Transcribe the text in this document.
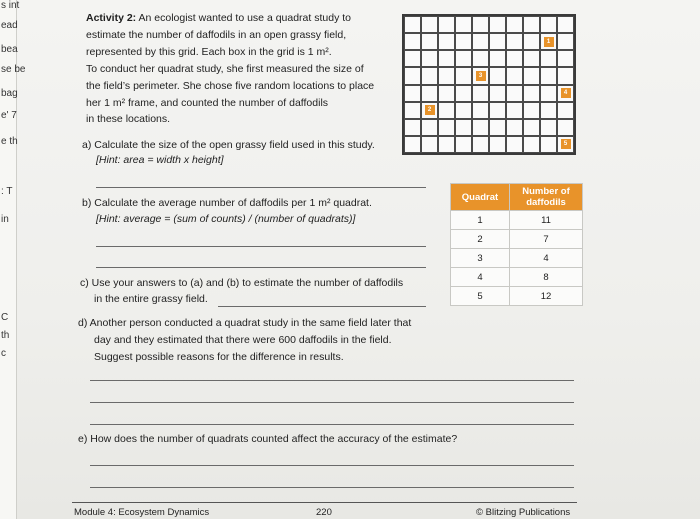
s int
ead
bea
se be
bag
e' 7
e th
: T
in
C
th
c
Activity 2: An ecologist wanted to use a quadrat study to
estimate the number of daffodils in an open grassy field,
represented by this grid. Each box in the grid is 1 m².
To conduct her quadrat study, she first measured the size of
the field’s perimeter. She chose five random locations to place
her 1 m² frame, and counted the number of daffodils
in these locations.
1
3
4
2
5
a) Calculate the size of the open grassy field used in this study.
[Hint: area = width x height]
b) Calculate the average number of daffodils per 1 m² quadrat.
[Hint: average = (sum of counts) / (number of quadrats)]
c) Use your answers to (a) and (b) to estimate the number of daffodils
in the entire grassy field.
d) Another person conducted a quadrat study in the same field later that
day and they estimated that there were 600 daffodils in the field.
Suggest possible reasons for the difference in results.
e) How does the number of quadrats counted affect the accuracy of the estimate?
Quadrat	Number of daffodils
1	11
2	7
3	4
4	8
5	12
Module 4: Ecosystem Dynamics	220	© Blitzing Publications
